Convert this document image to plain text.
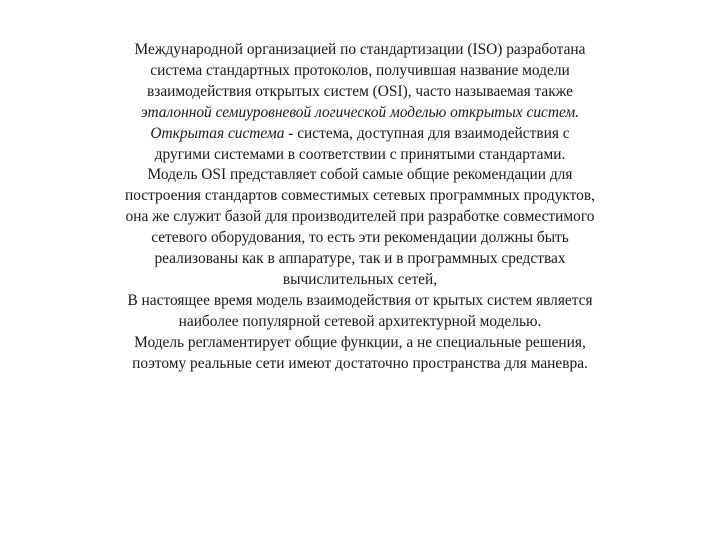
Международной организацией по стандартизации (ISO) разработана
система стандартных протоколов, получившая название модели
взаимодействия открытых систем (OSI), часто называемая также
эталонной семиуровневой логической моделью открытых систем.
Открытая система - система, доступная для взаимодействия с
другими системами в соответствии с принятыми стандартами.
Модель OSI представляет собой самые общие рекомендации для
построения стандартов совместимых сетевых программных продуктов,
она же служит базой для производителей при разработке совместимого
сетевого оборудования, то есть эти рекомендации должны быть
реализованы как в аппаратуре, так и в программных средствах
вычислительных сетей,
В настоящее время модель взаимодействия от крытых систем является
наиболее популярной сетевой архитектурной моделью.
Модель регламентирует общие функции, а не специальные решения,
поэтому реальные сети имеют достаточно пространства для маневра.
